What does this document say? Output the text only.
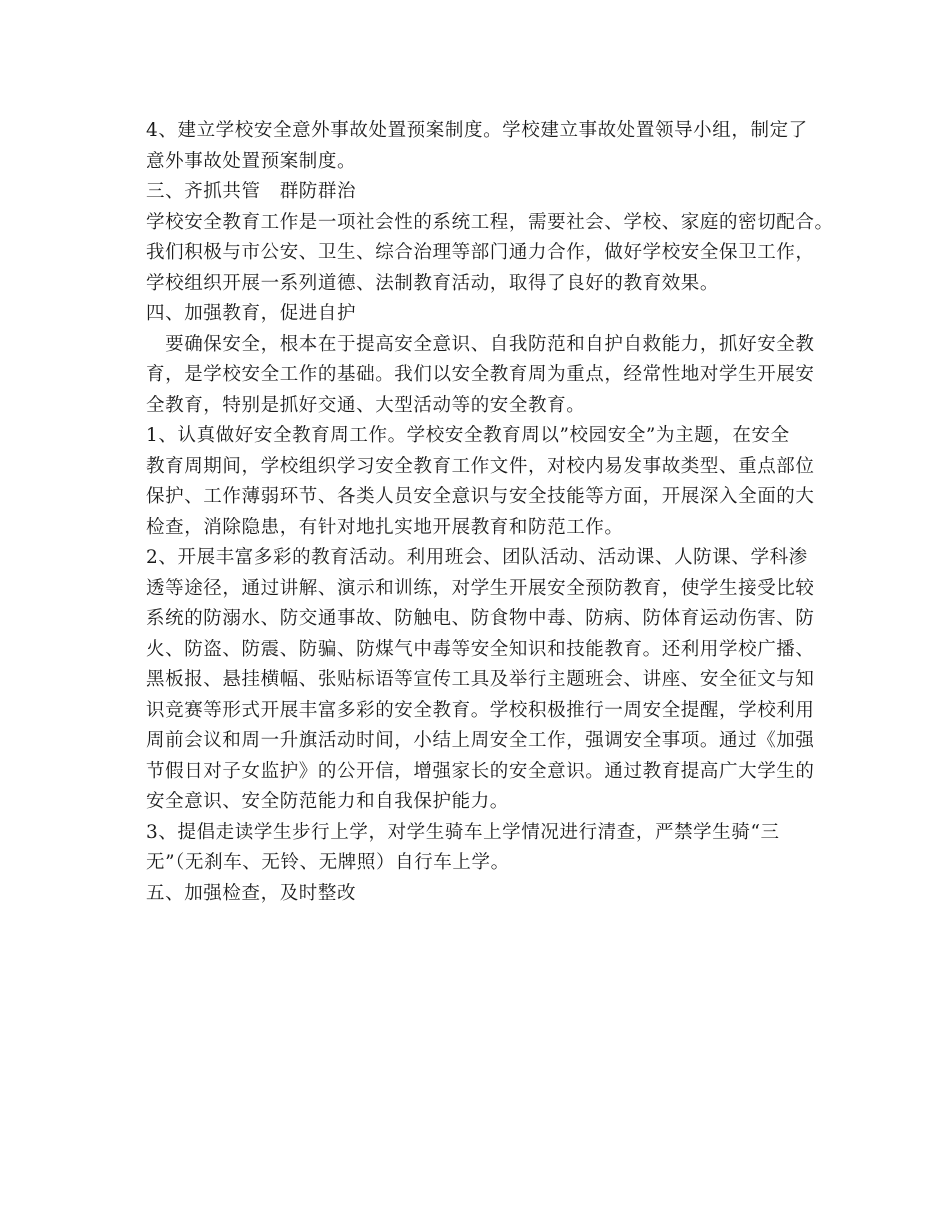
4、建立学校安全意外事故处置预案制度。学校建立事故处置领导小组，制定了
意外事故处置预案制度。
三、齐抓共管　群防群治
学校安全教育工作是一项社会性的系统工程，需要社会、学校、家庭的密切配合。
我们积极与市公安、卫生、综合治理等部门通力合作，做好学校安全保卫工作，
学校组织开展一系列道德、法制教育活动，取得了良好的教育效果。
四、加强教育，促进自护
　要确保安全，根本在于提高安全意识、自我防范和自护自救能力，抓好安全教
育，是学校安全工作的基础。我们以安全教育周为重点，经常性地对学生开展安
全教育，特别是抓好交通、大型活动等的安全教育。
1、认真做好安全教育周工作。学校安全教育周以”校园安全”为主题，在安全
教育周期间，学校组织学习安全教育工作文件，对校内易发事故类型、重点部位
保护、工作薄弱环节、各类人员安全意识与安全技能等方面，开展深入全面的大
检查，消除隐患，有针对地扎实地开展教育和防范工作。
2、开展丰富多彩的教育活动。利用班会、团队活动、活动课、人防课、学科渗
透等途径，通过讲解、演示和训练，对学生开展安全预防教育，使学生接受比较
系统的防溺水、防交通事故、防触电、防食物中毒、防病、防体育运动伤害、防
火、防盗、防震、防骗、防煤气中毒等安全知识和技能教育。还利用学校广播、
黑板报、悬挂横幅、张贴标语等宣传工具及举行主题班会、讲座、安全征文与知
识竞赛等形式开展丰富多彩的安全教育。学校积极推行一周安全提醒，学校利用
周前会议和周一升旗活动时间，小结上周安全工作，强调安全事项。通过《加强
节假日对子女监护》的公开信，增强家长的安全意识。通过教育提高广大学生的
安全意识、安全防范能力和自我保护能力。
3、提倡走读学生步行上学，对学生骑车上学情况进行清查，严禁学生骑“三
无”（无刹车、无铃、无牌照）自行车上学。
五、加强检查，及时整改
